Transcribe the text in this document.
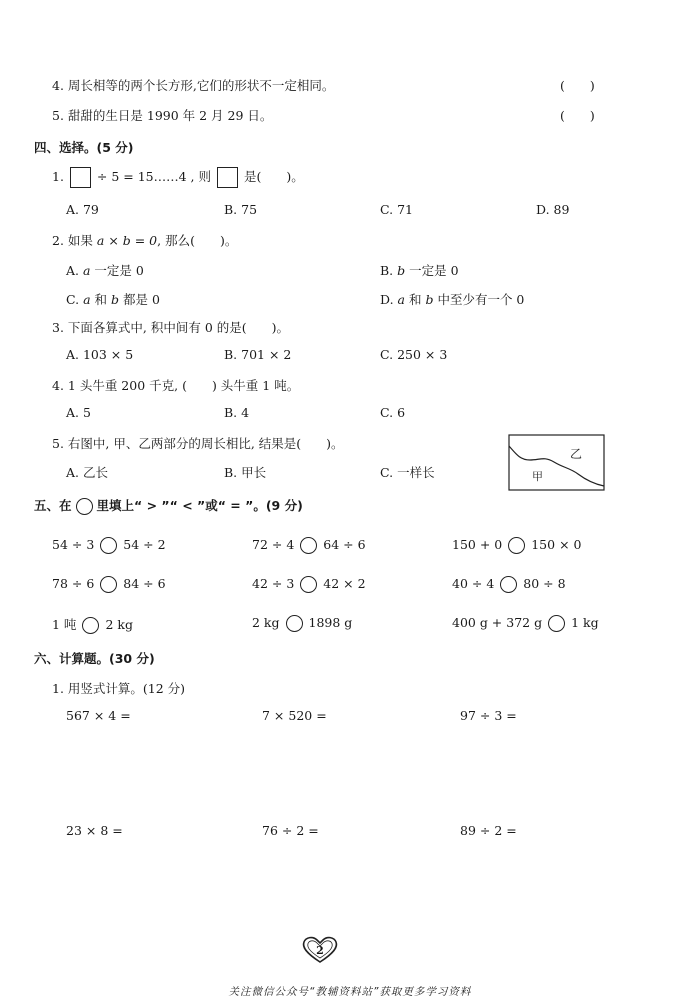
4. 周长相等的两个长方形,它们的形状不一定相同。	(　　)
5. 甜甜的生日是 1990 年 2 月 29 日。	(　　)
四、选择。(5 分)
1.	÷ 5 = 15……4 , 则	是(　　)。
A. 79	B. 75	C. 71	D. 89
2. 如果 a × b = 0, 那么(　　)。
A. a 一定是 0	B. b 一定是 0
C. a 和 b 都是 0	D. a 和 b 中至少有一个 0
3. 下面各算式中, 积中间有 0 的是(　　)。
A. 103 × 5	B. 701 × 2	C. 250 × 3
4. 1 头牛重 200 千克, (　　) 头牛重 1 吨。
A. 5	B. 4	C. 6
5. 右图中, 甲、乙两部分的周长相比, 结果是(　　)。
A. 乙长	B. 甲长	C. 一样长
乙
甲
五、在 里填上“ > ”“ < ”或“ = ”。(9 分)
54 ÷ 3 54 ÷ 2	72 ÷ 4 64 ÷ 6	150 + 0 150 × 0
78 ÷ 6 84 ÷ 6	42 ÷ 3 42 × 2	40 ÷ 4 80 ÷ 8
1 吨 2 kg	2 kg 1898 g	400 g + 372 g 1 kg
六、计算题。(30 分)
1. 用竖式计算。(12 分)
567 × 4 =	7 × 520 =	97 ÷ 3 =
23 × 8 =	76 ÷ 2 =	89 ÷ 2 =
2
关注微信公众号“教辅资料站”获取更多学习资料
